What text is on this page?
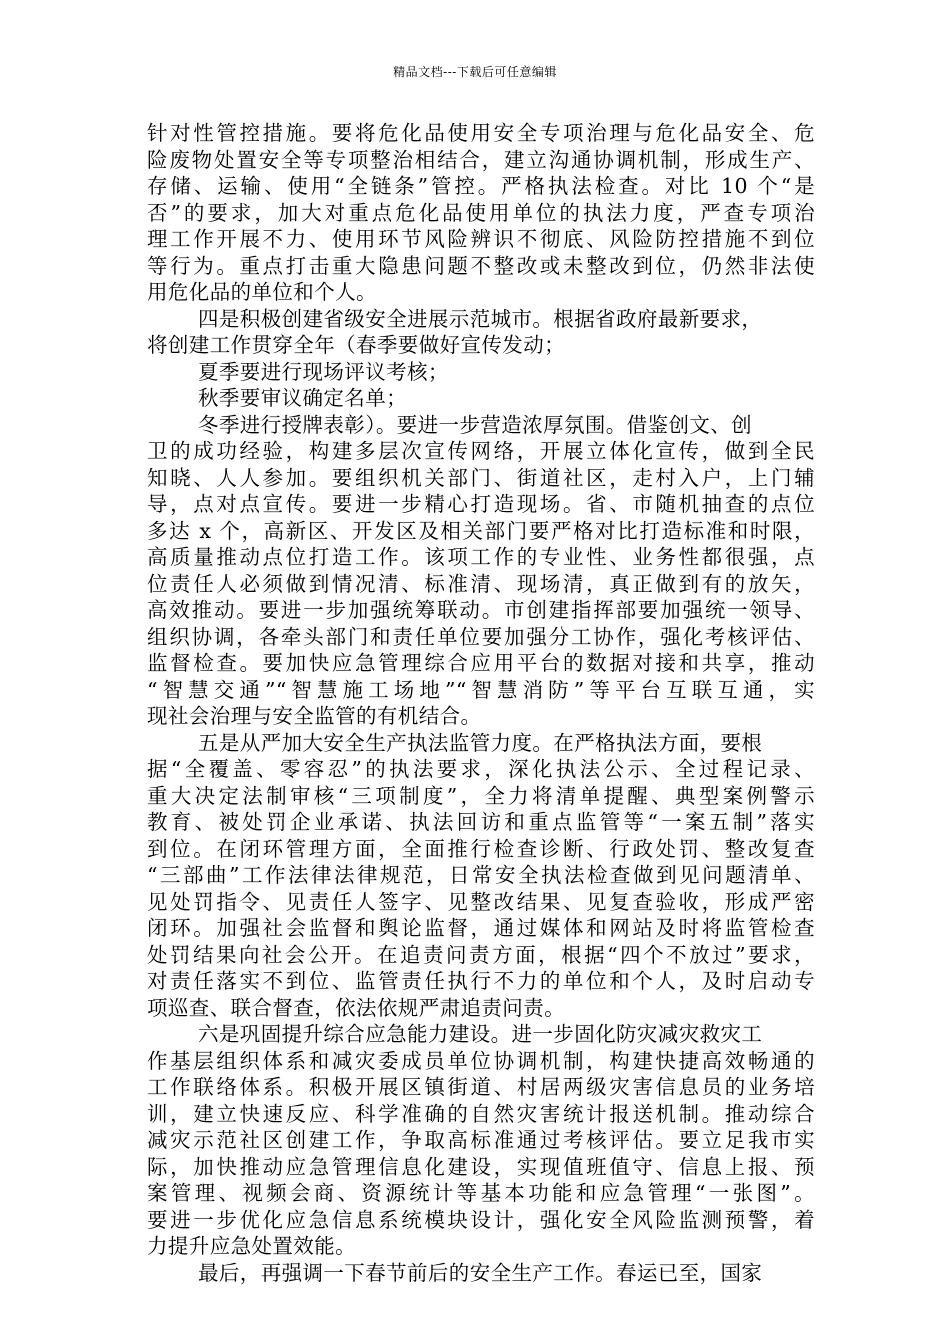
精品文档---下载后可任意编辑
针对性管控措施。要将危化品使用安全专项治理与危化品安全、危
险废物处置安全等专项整治相结合，建立沟通协调机制，形成生产、
存储、运输、使用“全链条”管控。严格执法检查。对比 10 个“是
否”的要求，加大对重点危化品使用单位的执法力度，严查专项治
理工作开展不力、使用环节风险辨识不彻底、风险防控措施不到位
等行为。重点打击重大隐患问题不整改或未整改到位，仍然非法使
用危化品的单位和个人。
四是积极创建省级安全进展示范城市。根据省政府最新要求，
将创建工作贯穿全年（春季要做好宣传发动；
夏季要进行现场评议考核；
秋季要审议确定名单；
冬季进行授牌表彰）。要进一步营造浓厚氛围。借鉴创文、创
卫的成功经验，构建多层次宣传网络，开展立体化宣传，做到全民
知晓、人人参加。要组织机关部门、街道社区，走村入户，上门辅
导，点对点宣传。要进一步精心打造现场。省、市随机抽查的点位
多达 x 个，高新区、开发区及相关部门要严格对比打造标准和时限，
高质量推动点位打造工作。该项工作的专业性、业务性都很强，点
位责任人必须做到情况清、标准清、现场清，真正做到有的放矢，
高效推动。要进一步加强统筹联动。市创建指挥部要加强统一领导、
组织协调，各牵头部门和责任单位要加强分工协作，强化考核评估、
监督检查。要加快应急管理综合应用平台的数据对接和共享，推动
“智慧交通”“智慧施工场地”“智慧消防”等平台互联互通，实
现社会治理与安全监管的有机结合。
五是从严加大安全生产执法监管力度。在严格执法方面，要根
据“全覆盖、零容忍”的执法要求，深化执法公示、全过程记录、
重大决定法制审核“三项制度”，全力将清单提醒、典型案例警示
教育、被处罚企业承诺、执法回访和重点监管等“一案五制”落实
到位。在闭环管理方面，全面推行检查诊断、行政处罚、整改复查
“三部曲”工作法律法律规范，日常安全执法检查做到见问题清单、
见处罚指令、见责任人签字、见整改结果、见复查验收，形成严密
闭环。加强社会监督和舆论监督，通过媒体和网站及时将监管检查
处罚结果向社会公开。在追责问责方面，根据“四个不放过”要求，
对责任落实不到位、监管责任执行不力的单位和个人，及时启动专
项巡查、联合督查，依法依规严肃追责问责。
六是巩固提升综合应急能力建设。进一步固化防灾减灾救灾工
作基层组织体系和减灾委成员单位协调机制，构建快捷高效畅通的
工作联络体系。积极开展区镇街道、村居两级灾害信息员的业务培
训，建立快速反应、科学准确的自然灾害统计报送机制。推动综合
减灾示范社区创建工作，争取高标准通过考核评估。要立足我市实
际，加快推动应急管理信息化建设，实现值班值守、信息上报、预
案管理、视频会商、资源统计等基本功能和应急管理“一张图”。
要进一步优化应急信息系统模块设计，强化安全风险监测预警，着
力提升应急处置效能。
最后，再强调一下春节前后的安全生产工作。春运已至，国家
